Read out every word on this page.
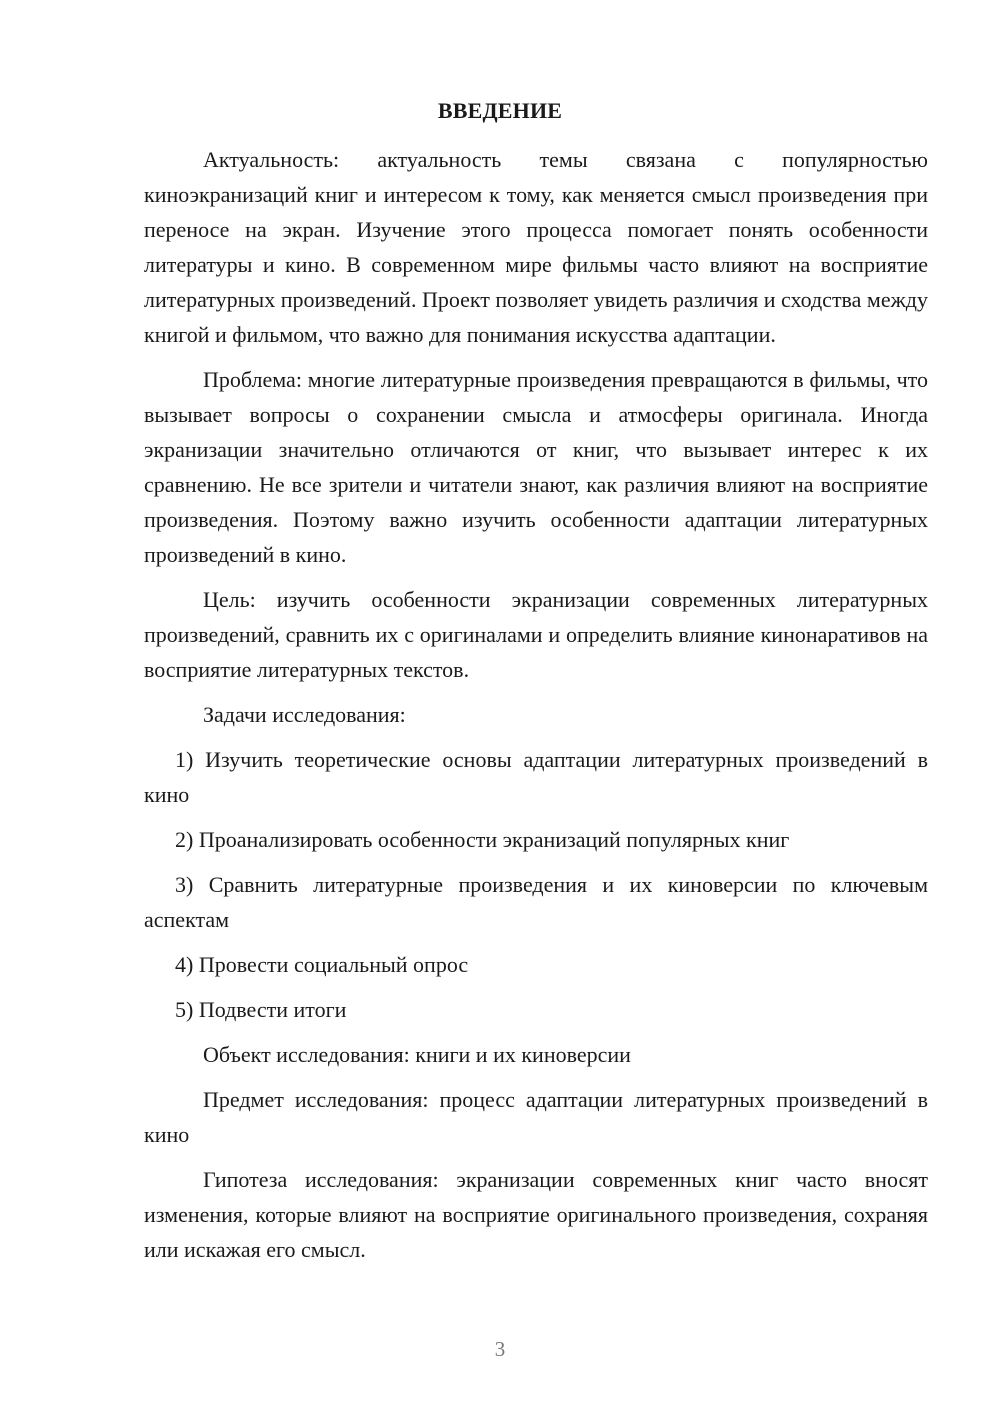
ВВЕДЕНИЕ

Актуальность: актуальность темы связана с популярностью киноэкранизаций книг и интересом к тому, как меняется смысл произведения при переносе на экран. Изучение этого процесса помогает понять особенности литературы и кино. В современном мире фильмы часто влияют на восприятие литературных произведений. Проект позволяет увидеть различия и сходства между книгой и фильмом, что важно для понимания искусства адаптации.

Проблема: многие литературные произведения превращаются в фильмы, что вызывает вопросы о сохранении смысла и атмосферы оригинала. Иногда экранизации значительно отличаются от книг, что вызывает интерес к их сравнению. Не все зрители и читатели знают, как различия влияют на восприятие произведения. Поэтому важно изучить особенности адаптации литературных произведений в кино.

Цель: изучить особенности экранизации современных литературных произведений, сравнить их с оригиналами и определить влияние кинонаративов на восприятие литературных текстов.

Задачи исследования:

1) Изучить теоретические основы адаптации литературных произведений в кино

2) Проанализировать особенности экранизаций популярных книг

3) Сравнить литературные произведения и их киноверсии по ключевым аспектам

4) Провести социальный опрос

5) Подвести итоги

Объект исследования: книги и их киноверсии

Предмет исследования: процесс адаптации литературных произведений в кино

Гипотеза исследования: экранизации современных книг часто вносят изменения, которые влияют на восприятие оригинального произведения, сохраняя или искажая его смысл.

3
